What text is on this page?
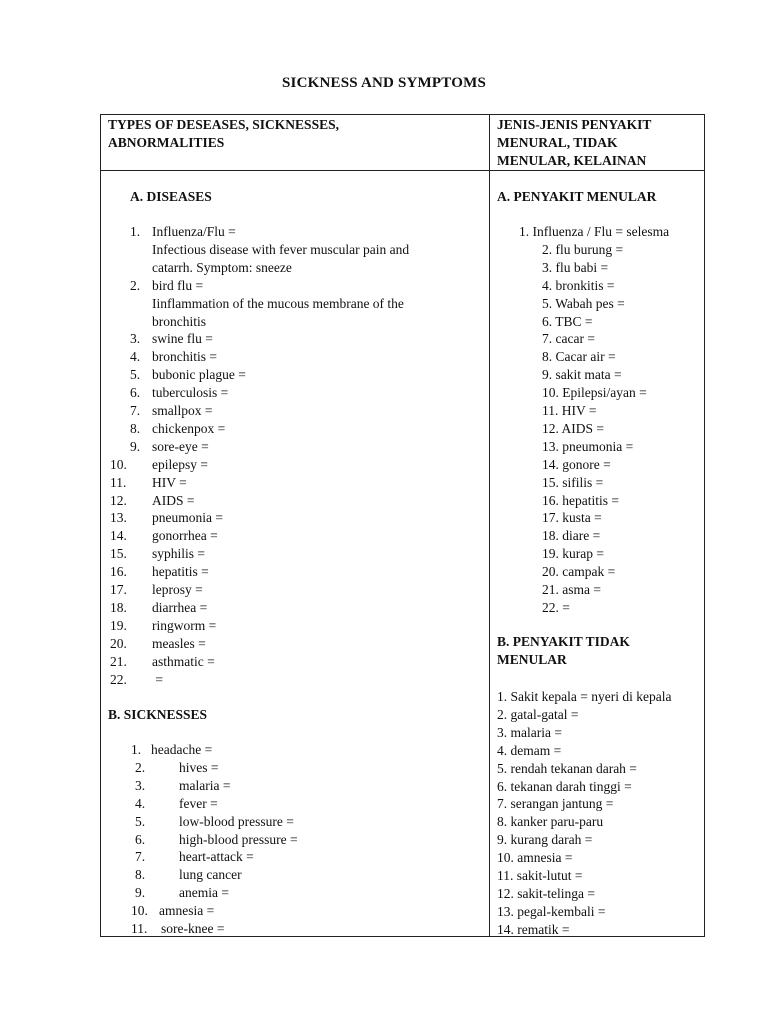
SICKNESS AND SYMPTOMS
TYPES OF DESEASES, SICKNESSES,
ABNORMALITIES
JENIS-JENIS PENYAKIT
MENURAL, TIDAK
MENULAR, KELAINAN
A. DISEASES
1. Influenza/Flu =
Infectious disease with fever muscular pain and
catarrh. Symptom: sneeze
2. bird flu =
Iinflammation of the mucous membrane of the
bronchitis
3. swine flu =
4. bronchitis =
5. bubonic plague =
6. tuberculosis =
7. smallpox =
8. chickenpox =
9. sore-eye =
10. epilepsy =
11. HIV =
12. AIDS =
13. pneumonia =
14. gonorrhea =
15. syphilis =
16. hepatitis =
17. leprosy =
18. diarrhea =
19. ringworm =
20. measles =
21. asthmatic =
22. =
B. SICKNESSES
1. headache =
2.	hives =
3.	malaria =
4.	fever =
5.	low-blood pressure =
6.	high-blood pressure =
7.	heart-attack =
8.	lung cancer
9.	anemia =
10. amnesia =
11. sore-knee =
A. PENYAKIT MENULAR
1. Influenza / Flu = selesma
2. flu burung =
3. flu babi =
4. bronkitis =
5. Wabah pes =
6. TBC =
7. cacar =
8. Cacar air =
9. sakit mata =
10. Epilepsi/ayan =
11. HIV =
12. AIDS =
13. pneumonia =
14. gonore =
15. sifilis =
16. hepatitis =
17. kusta =
18. diare =
19. kurap =
20. campak =
21. asma =
22. =
B. PENYAKIT TIDAK
MENULAR
1. Sakit kepala = nyeri di kepala
2. gatal-gatal =
3. malaria =
4. demam =
5. rendah tekanan darah =
6. tekanan darah tinggi =
7. serangan jantung =
8. kanker paru-paru
9. kurang darah =
10. amnesia =
11. sakit-lutut =
12. sakit-telinga =
13. pegal-kembali =
14. rematik =
